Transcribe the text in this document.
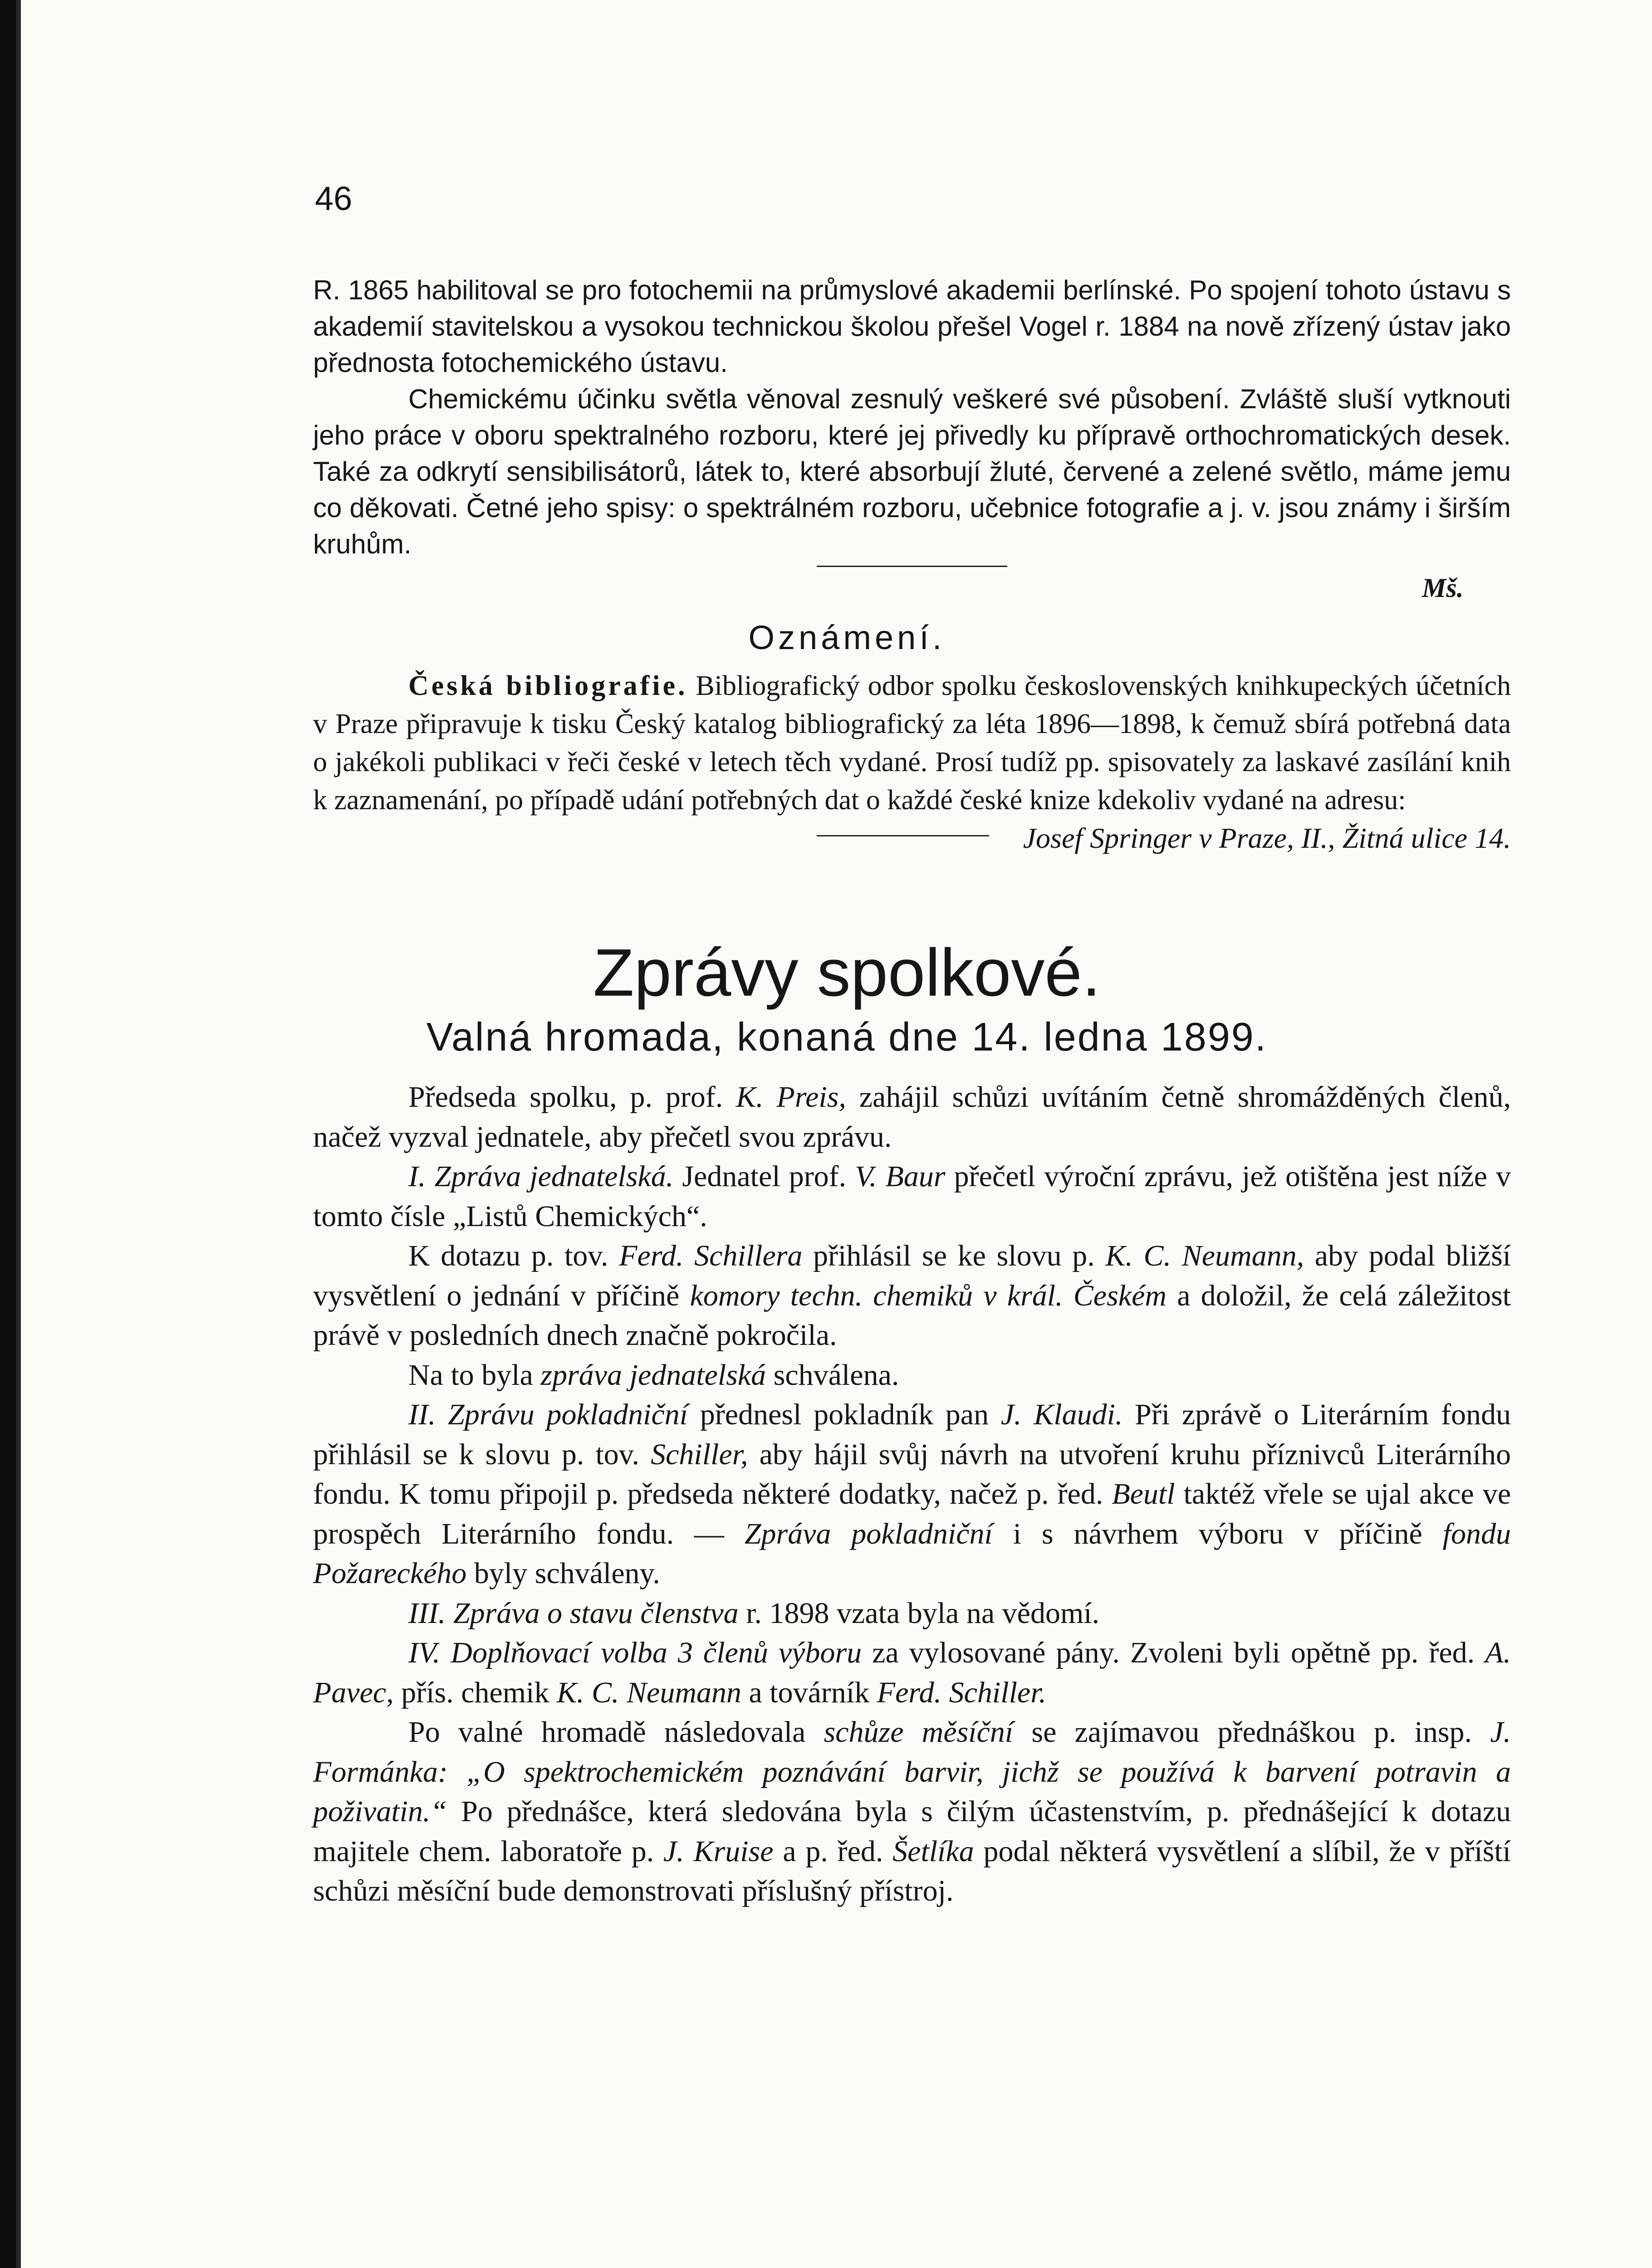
46

R. 1865 habilitoval se pro fotochemii na průmyslové akademii berlínské. Po spojení tohoto ústavu s akademií stavitelskou a vysokou technickou školou přešel Vogel r. 1884 na nově zřízený ústav jako přednosta fotochemického ústavu.

Chemickému účinku světla věnoval zesnulý veškeré své působení. Zvláště sluší vytknouti jeho práce v oboru spektralného rozboru, které jej přivedly ku přípravě orthochromatických desek. Také za odkrytí sensibilisátorů, látek to, které absorbují žluté, červené a zelené světlo, máme jemu co děkovati. Četné jeho spisy: o spektrálném rozboru, učebnice fotografie a j. v. jsou známy i širším kruhům.

Mš.
Oznámení.

Česká bibliografie. Bibliografický odbor spolku československých knihkupeckých účetních v Praze připravuje k tisku Český katalog bibliografický za léta 1896—1898, k čemuž sbírá potřebná data o jakékoli publikaci v řeči české v letech těch vydané. Prosí tudíž pp. spisovately za laskavé zasílání knih k zaznamenání, po případě udání potřebných dat o každé české knize kdekoliv vydané na adresu:

Josef Springer v Praze, II., Žitná ulice 14.
Zprávy spolkové.
Valná hromada, konaná dne 14. ledna 1899.

Předseda spolku, p. prof. K. Preis, zahájil schůzi uvítáním četně shromážděných členů, načež vyzval jednatele, aby přečetl svou zprávu.

I. Zpráva jednatelská. Jednatel prof. V. Baur přečetl výroční zprávu, jež otištěna jest níže v tomto čísle „Listů Chemických“.

K dotazu p. tov. Ferd. Schillera přihlásil se ke slovu p. K. C. Neumann, aby podal bližší vysvětlení o jednání v příčině komory techn. chemiků v král. Českém a doložil, že celá záležitost právě v posledních dnech značně pokročila.

Na to byla zpráva jednatelská schválena.

II. Zprávu pokladniční přednesl pokladník pan J. Klaudi. Při zprávě o Literárním fondu přihlásil se k slovu p. tov. Schiller, aby hájil svůj návrh na utvoření kruhu příznivců Literárního fondu. K tomu připojil p. předseda některé dodatky, načež p. řed. Beutl taktéž vřele se ujal akce ve prospěch Literárního fondu. — Zpráva pokladniční i s návrhem výboru v příčině fondu Požareckého byly schváleny.

III. Zpráva o stavu členstva r. 1898 vzata byla na vědomí.

IV. Doplňovací volba 3 členů výboru za vylosované pány. Zvoleni byli opětně pp. řed. A. Pavec, přís. chemik K. C. Neumann a továrník Ferd. Schiller.

Po valné hromadě následovala schůze měsíční se zajímavou přednáškou p. insp. J. Formánka: „O spektrochemickém poznávání barvir, jichž se používá k barvení potravin a poživatin.“ Po přednášce, která sledována byla s čilým účastenstvím, p. přednášející k dotazu majitele chem. laboratoře p. J. Kruise a p. řed. Šetlíka podal některá vysvětlení a slíbil, že v příští schůzi měsíční bude demonstrovati příslušný přístroj.
